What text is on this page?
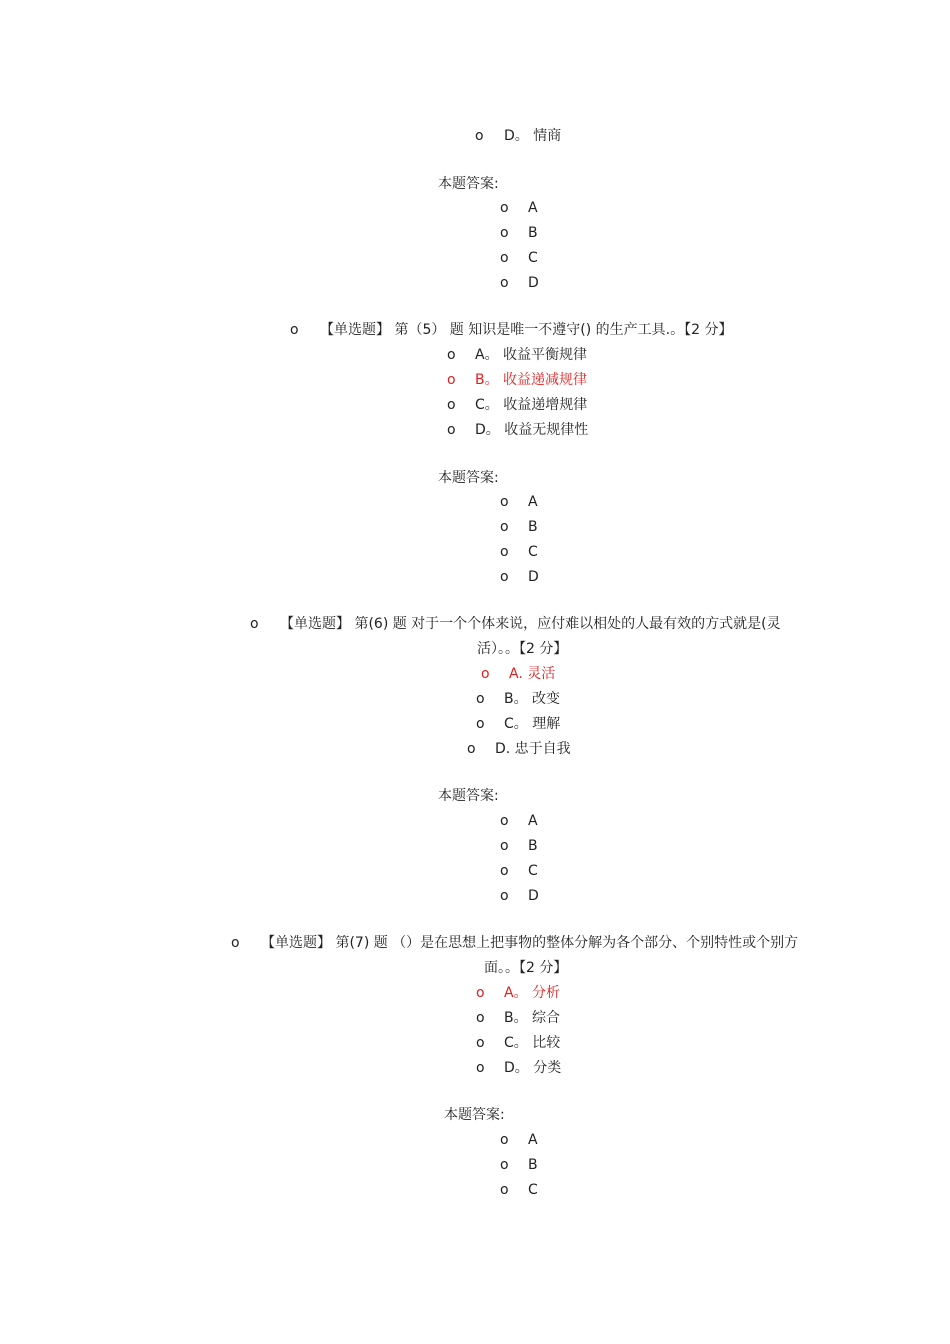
o D。 情商
本题答案:
o A
o B
o C
o D
o 【单选题】 第（5） 题 知识是唯一不遵守() 的生产工具.。【2 分】
o A。 收益平衡规律
o B。 收益递减规律
o C。 收益递增规律
o D。 收益无规律性
本题答案:
o A
o B
o C
o D
o 【单选题】 第(6) 题 对于一个个体来说，应付难以相处的人最有效的方式就是(灵
活）。。【2 分】
o A. 灵活
o B。 改变
o C。 理解
o D. 忠于自我
本题答案:
o A
o B
o C
o D
o 【单选题】 第(7) 题 （）是在思想上把事物的整体分解为各个部分、个别特性或个别方
面。。【2 分】
o A。 分析
o B。 综合
o C。 比较
o D。 分类
本题答案:
o A
o B
o C
